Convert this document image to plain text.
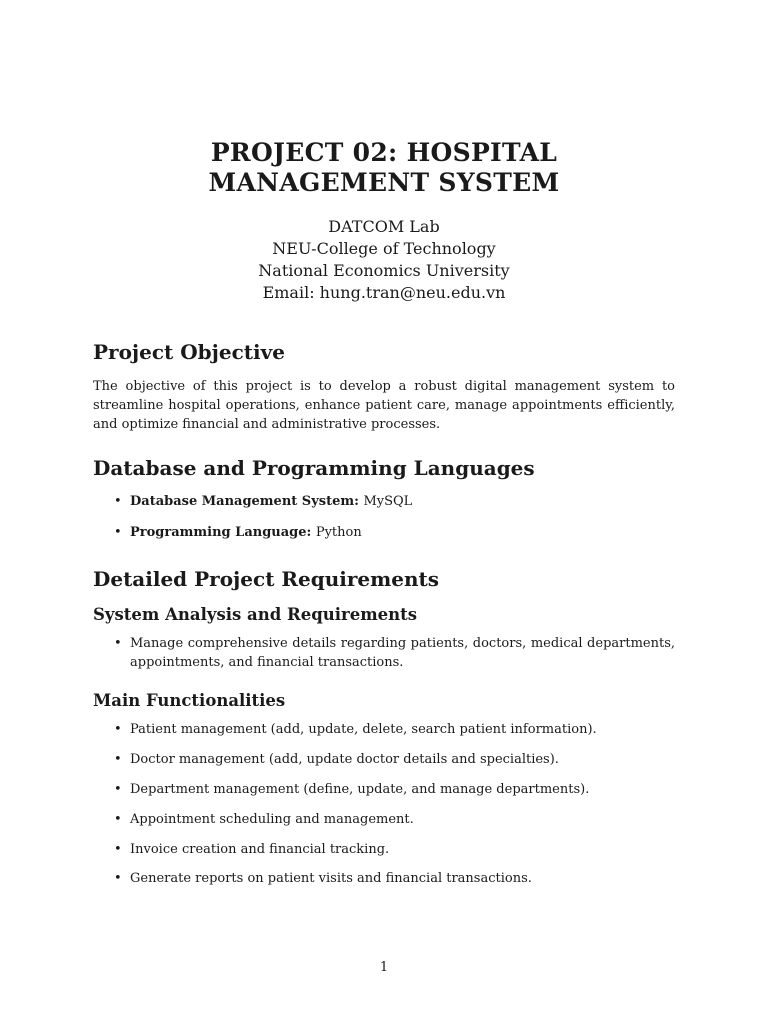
PROJECT 02: HOSPITAL
MANAGEMENT SYSTEM
DATCOM Lab
NEU-College of Technology
National Economics University
Email: hung.tran@neu.edu.vn
Project Objective

The objective of this project is to develop a robust digital management system to streamline hospital operations, enhance patient care, manage appointments efficiently, and optimize financial and administrative processes.

Database and Programming Languages
• Database Management System: MySQL
• Programming Language: Python
Detailed Project Requirements
System Analysis and Requirements
• Manage comprehensive details regarding patients, doctors, medical departments, appointments, and financial transactions.
Main Functionalities
• Patient management (add, update, delete, search patient information).
• Doctor management (add, update doctor details and specialties).
• Department management (define, update, and manage departments).
• Appointment scheduling and management.
• Invoice creation and financial tracking.
• Generate reports on patient visits and financial transactions.
1
